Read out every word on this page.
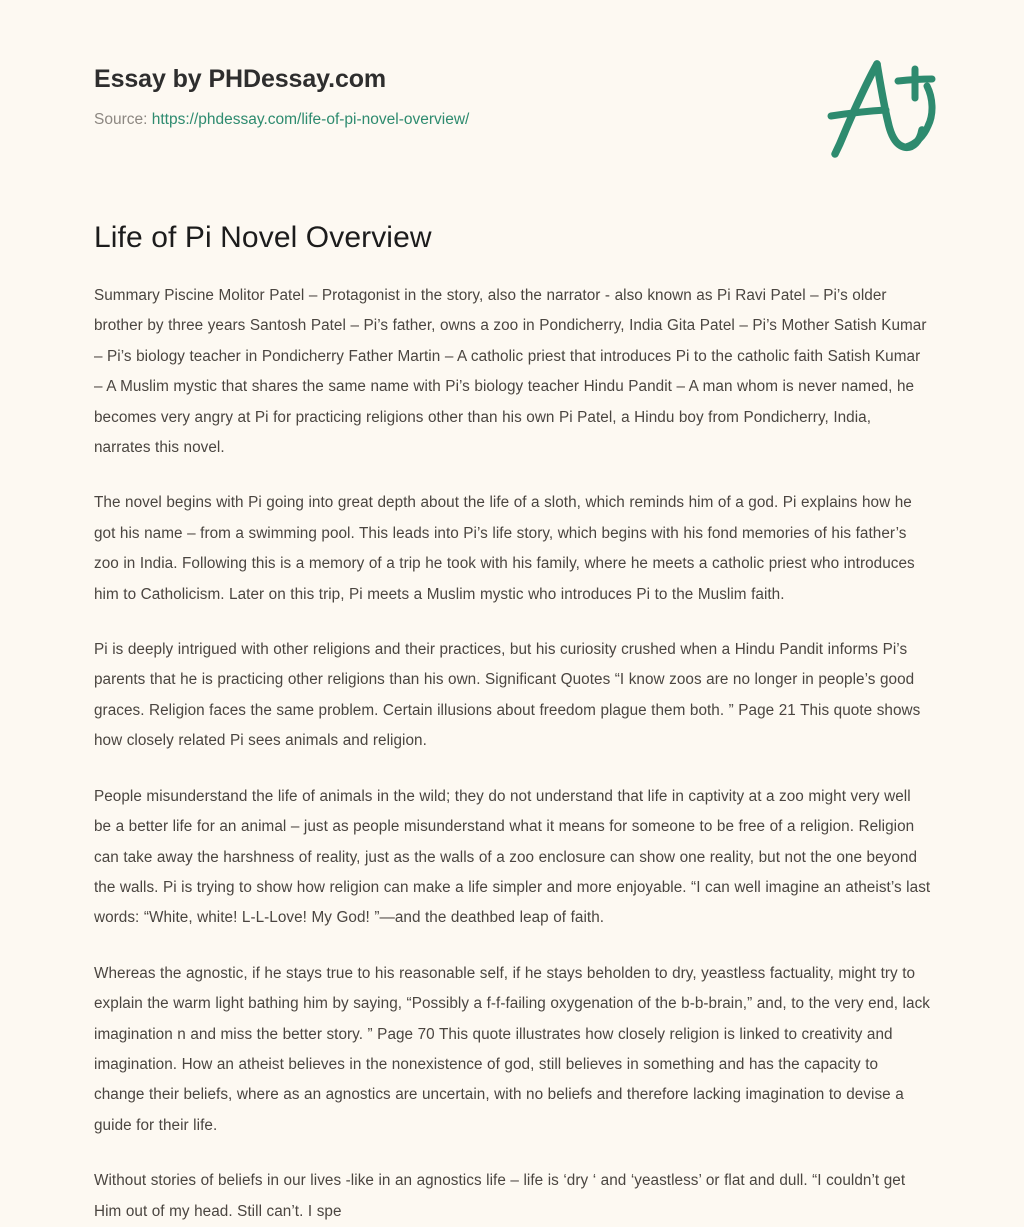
Essay by PHDessay.com
Source: https://phdessay.com/life-of-pi-novel-overview/
Life of Pi Novel Overview

Summary Piscine Molitor Patel – Protagonist in the story, also the narrator - also known as Pi Ravi Patel – Pi’s older brother by three years Santosh Patel – Pi’s father, owns a zoo in Pondicherry, India Gita Patel – Pi’s Mother Satish Kumar – Pi’s biology teacher in Pondicherry Father Martin – A catholic priest that introduces Pi to the catholic faith Satish Kumar – A Muslim mystic that shares the same name with Pi’s biology teacher Hindu Pandit – A man whom is never named, he becomes very angry at Pi for practicing religions other than his own Pi Patel, a Hindu boy from Pondicherry, India, narrates this novel.

The novel begins with Pi going into great depth about the life of a sloth, which reminds him of a god. Pi explains how he got his name – from a swimming pool. This leads into Pi’s life story, which begins with his fond memories of his father’s zoo in India. Following this is a memory of a trip he took with his family, where he meets a catholic priest who introduces him to Catholicism. Later on this trip, Pi meets a Muslim mystic who introduces Pi to the Muslim faith.

Pi is deeply intrigued with other religions and their practices, but his curiosity crushed when a Hindu Pandit informs Pi’s parents that he is practicing other religions than his own. Significant Quotes “I know zoos are no longer in people’s good graces. Religion faces the same problem. Certain illusions about freedom plague them both. ” Page 21 This quote shows how closely related Pi sees animals and religion.

People misunderstand the life of animals in the wild; they do not understand that life in captivity at a zoo might very well be a better life for an animal – just as people misunderstand what it means for someone to be free of a religion. Religion can take away the harshness of reality, just as the walls of a zoo enclosure can show one reality, but not the one beyond the walls. Pi is trying to show how religion can make a life simpler and more enjoyable. “I can well imagine an atheist’s last words: “White, white! L-L-Love! My God! ”—and the deathbed leap of faith.

Whereas the agnostic, if he stays true to his reasonable self, if he stays beholden to dry, yeastless factuality, might try to explain the warm light bathing him by saying, “Possibly a f-f-failing oxygenation of the b-b-brain,” and, to the very end, lack imagination n and miss the better story. ” Page 70 This quote illustrates how closely religion is linked to creativity and imagination. How an atheist believes in the nonexistence of god, still believes in something and has the capacity to change their beliefs, where as an agnostics are uncertain, with no beliefs and therefore lacking imagination to devise a guide for their life.

Without stories of beliefs in our lives -like in an agnostics life – life is ‘dry ‘ and ‘yeastless’ or flat and dull. “I couldn’t get Him out of my head. Still can’t. I spe
